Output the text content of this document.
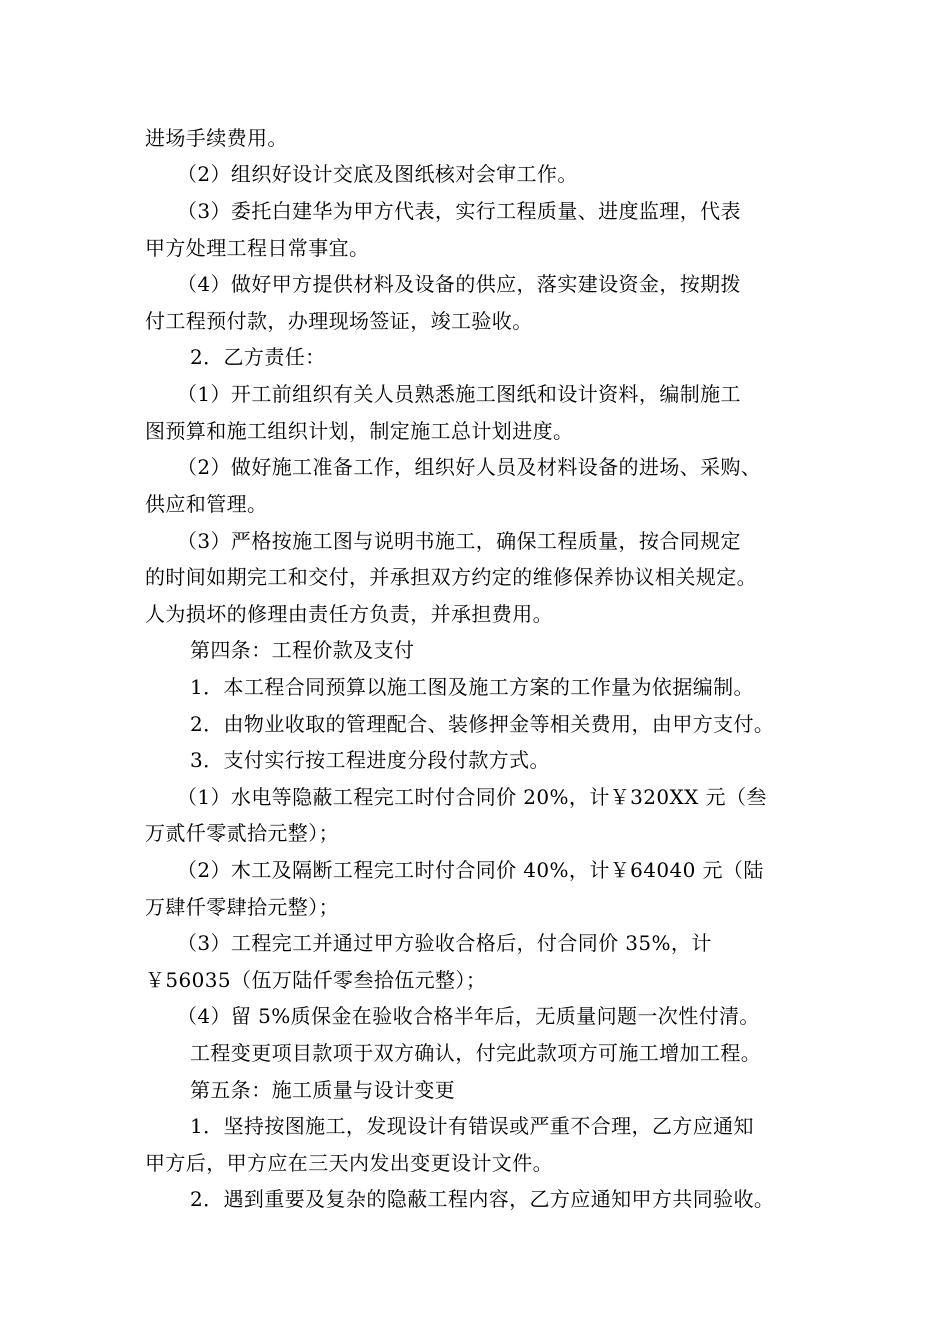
进场手续费用。
（2）组织好设计交底及图纸核对会审工作。
（3）委托白建华为甲方代表，实行工程质量、进度监理，代表
甲方处理工程日常事宜。
（4）做好甲方提供材料及设备的供应，落实建设资金，按期拨
付工程预付款，办理现场签证，竣工验收。
2．乙方责任：
（1）开工前组织有关人员熟悉施工图纸和设计资料，编制施工
图预算和施工组织计划，制定施工总计划进度。
（2）做好施工准备工作，组织好人员及材料设备的进场、采购、
供应和管理。
（3）严格按施工图与说明书施工，确保工程质量，按合同规定
的时间如期完工和交付，并承担双方约定的维修保养协议相关规定。
人为损坏的修理由责任方负责，并承担费用。
第四条：工程价款及支付
1．本工程合同预算以施工图及施工方案的工作量为依据编制。
2．由物业收取的管理配合、装修押金等相关费用，由甲方支付。
3．支付实行按工程进度分段付款方式。
（1）水电等隐蔽工程完工时付合同价 20%，计￥320XX 元（叁
万贰仟零贰拾元整）；
（2）木工及隔断工程完工时付合同价 40%，计￥64040 元（陆
万肆仟零肆拾元整）；
（3）工程完工并通过甲方验收合格后，付合同价 35%，计
￥56035（伍万陆仟零叁拾伍元整）；
（4）留 5%质保金在验收合格半年后，无质量问题一次性付清。
工程变更项目款项于双方确认，付完此款项方可施工增加工程。
第五条：施工质量与设计变更
1．坚持按图施工，发现设计有错误或严重不合理，乙方应通知
甲方后，甲方应在三天内发出变更设计文件。
2．遇到重要及复杂的隐蔽工程内容，乙方应通知甲方共同验收。
